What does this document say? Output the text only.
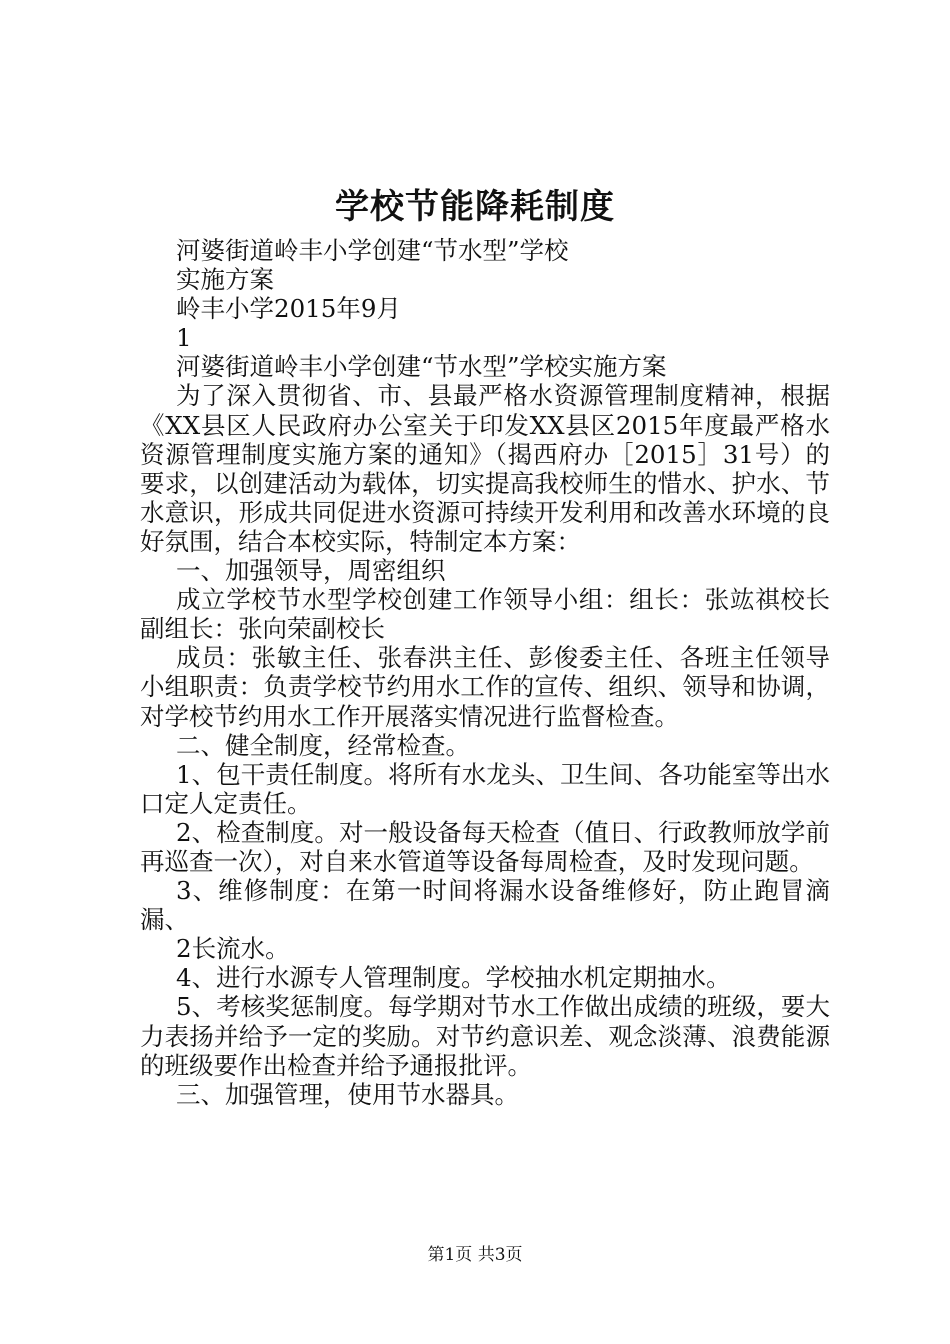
学校节能降耗制度

河婆街道岭丰小学创建“节水型”学校

实施方案

岭丰小学2015年9月

1

河婆街道岭丰小学创建“节水型”学校实施方案

为了深入贯彻省、市、县最严格水资源管理制度精神，根据《XX县区人民政府办公室关于印发XX县区2015年度最严格水资源管理制度实施方案的通知》（揭西府办［2015］31号）的要求，以创建活动为载体，切实提高我校师生的惜水、护水、节水意识，形成共同促进水资源可持续开发利用和改善水环境的良好氛围，结合本校实际，特制定本方案：

一、加强领导，周密组织

成立学校节水型学校创建工作领导小组：组长：张竑祺校长副组长：张向荣副校长

成员：张敏主任、张春洪主任、彭俊委主任、各班主任领导小组职责：负责学校节约用水工作的宣传、组织、领导和协调，对学校节约用水工作开展落实情况进行监督检查。

二、健全制度，经常检查。

1、包干责任制度。将所有水龙头、卫生间、各功能室等出水口定人定责任。

2、检查制度。对一般设备每天检查（值日、行政教师放学前再巡查一次），对自来水管道等设备每周检查，及时发现问题。

3、维修制度：在第一时间将漏水设备维修好，防止跑冒滴漏、

2长流水。

4、进行水源专人管理制度。学校抽水机定期抽水。

5、考核奖惩制度。每学期对节水工作做出成绩的班级，要大力表扬并给予一定的奖励。对节约意识差、观念淡薄、浪费能源的班级要作出检查并给予通报批评。

三、加强管理，使用节水器具。

第1页 共3页
